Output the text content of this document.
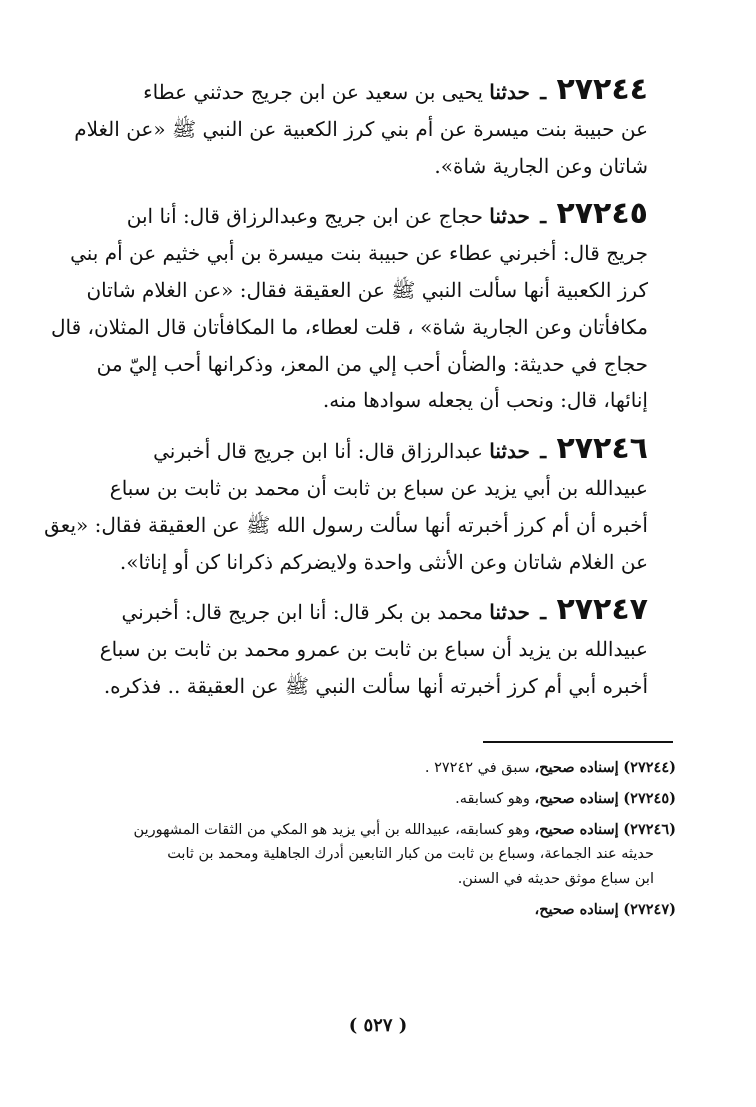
٢٧٢٤٤ ـ حدثنا يحيى بن سعيد عن ابن جريج حدثني عطاء
عن حبيبة بنت ميسرة عن أم بني كرز الكعبية عن النبي ﷺ «عن الغلام
شاتان وعن الجارية شاة».
٢٧٢٤٥ ـ حدثنا حجاج عن ابن جريج وعبدالرزاق قال: أنا ابن
جريج قال: أخبرني عطاء عن حبيبة بنت ميسرة بن أبي خثيم عن أم بني
كرز الكعبية أنها سألت النبي ﷺ عن العقيقة فقال: «عن الغلام شاتان
مكافأتان وعن الجارية شاة» ، قلت لعطاء، ما المكافأتان قال المثلان، قال
حجاج في حديثة: والضأن أحب إلي من المعز، وذكرانها أحب إليّ من
إنائها، قال: ونحب أن يجعله سوادها منه.
٢٧٢٤٦ ـ حدثنا عبدالرزاق قال: أنا ابن جريج قال أخبرني
عبيدالله بن أبي يزيد عن سباع بن ثابت أن محمد بن ثابت بن سباع
أخبره أن أم كرز أخبرته أنها سألت رسول الله ﷺ عن العقيقة فقال: «يعق
عن الغلام شاتان وعن الأنثى واحدة ولايضركم ذكرانا كن أو إناثا».
٢٧٢٤٧ ـ حدثنا محمد بن بكر قال: أنا ابن جريج قال: أخبرني
عبيدالله بن يزيد أن سباع بن ثابت بن عمرو محمد بن ثابت بن سباع
أخبره أبي أم كرز أخبرته أنها سألت النبي ﷺ عن العقيقة .. فذكره.
(٢٧٢٤٤) إسناده صحيح، سبق في ٢٧٢٤٢ .
(٢٧٢٤٥) إسناده صحيح، وهو كسابقه.
(٢٧٢٤٦) إسناده صحيح، وهو كسابقه، عبيدالله بن أبي يزيد هو المكي من الثقات المشهورين
حديثه عند الجماعة، وسباع بن ثابت من كبار التابعين أدرك الجاهلية ومحمد بن ثابت
ابن سباع موثق حديثه في السنن.
(٢٧٢٤٧) إسناده صحيح،
( ٥٢٧ )
